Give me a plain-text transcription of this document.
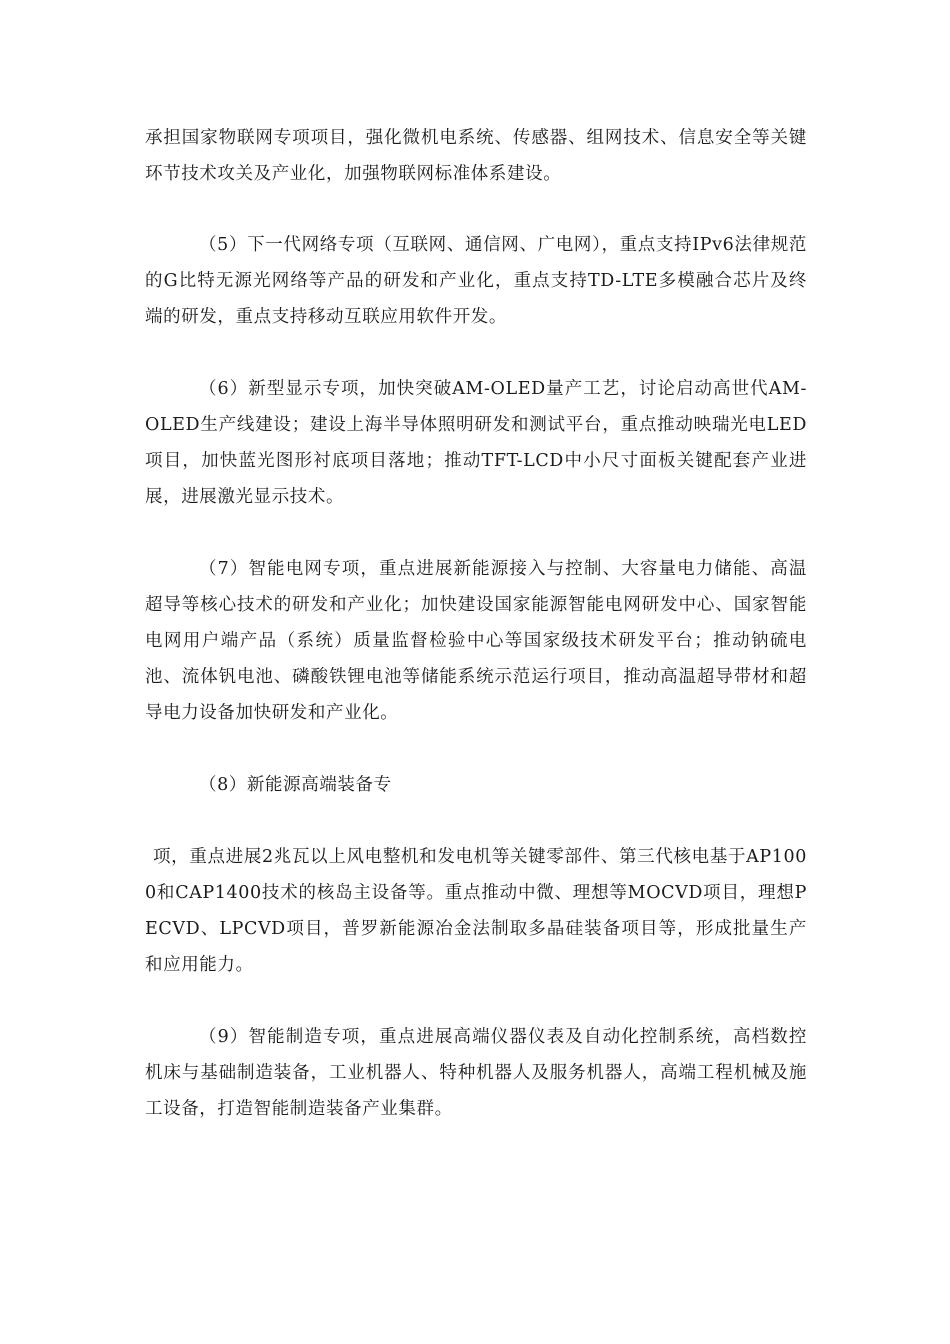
承担国家物联网专项项目，强化微机电系统、传感器、组网技术、信息安全等关键环节技术攻关及产业化，加强物联网标准体系建设。

（5）下一代网络专项（互联网、通信网、广电网），重点支持IPv6法律规范的G比特无源光网络等产品的研发和产业化，重点支持TD-LTE多模融合芯片及终端的研发，重点支持移动互联应用软件开发。

（6）新型显示专项，加快突破AM-OLED量产工艺，讨论启动高世代AM-OLED生产线建设；建设上海半导体照明研发和测试平台，重点推动映瑞光电LED项目，加快蓝光图形衬底项目落地；推动TFT-LCD中小尺寸面板关键配套产业进展，进展激光显示技术。

（7）智能电网专项，重点进展新能源接入与控制、大容量电力储能、高温超导等核心技术的研发和产业化；加快建设国家能源智能电网研发中心、国家智能电网用户端产品（系统）质量监督检验中心等国家级技术研发平台；推动钠硫电池、流体钒电池、磷酸铁锂电池等储能系统示范运行项目，推动高温超导带材和超导电力设备加快研发和产业化。

（8）新能源高端装备专

项，重点进展2兆瓦以上风电整机和发电机等关键零部件、第三代核电基于AP1000和CAP1400技术的核岛主设备等。重点推动中微、理想等MOCVD项目，理想PECVD、LPCVD项目，普罗新能源冶金法制取多晶硅装备项目等，形成批量生产和应用能力。

（9）智能制造专项，重点进展高端仪器仪表及自动化控制系统，高档数控机床与基础制造装备，工业机器人、特种机器人及服务机器人，高端工程机械及施工设备，打造智能制造装备产业集群。
